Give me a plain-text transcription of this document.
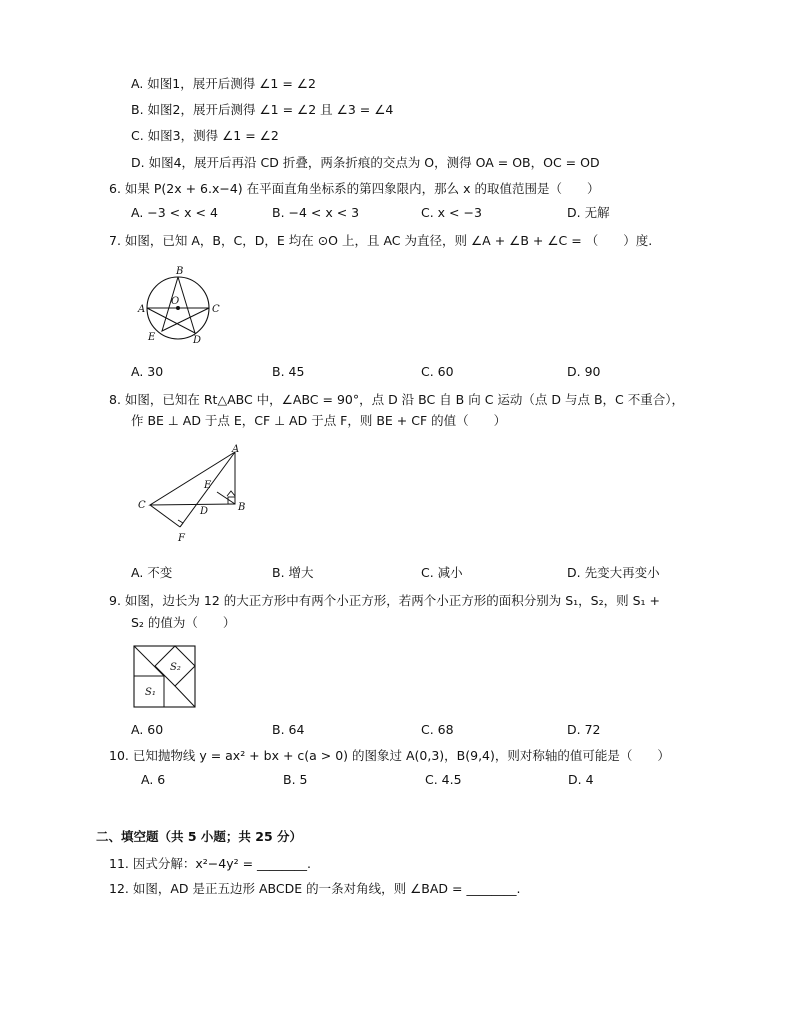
A. 如图1，展开后测得 ∠1 = ∠2
B. 如图2，展开后测得 ∠1 = ∠2 且 ∠3 = ∠4
C. 如图3，测得 ∠1 = ∠2
D. 如图4，展开后再沿 CD 折叠，两条折痕的交点为 O，测得 OA = OB，OC = OD
6. 如果 P(2x + 6.x−4) 在平面直角坐标系的第四象限内，那么 x 的取值范围是（　　）
A. −3 < x < 4	B. −4 < x < 3	C. x < −3	D. 无解
7. 如图，已知 A，B，C，D，E 均在 ⊙O 上，且 AC 为直径，则 ∠A + ∠B + ∠C = （　　）度.
B
O
A	C
E	D
A. 30	B. 45	C. 60	D. 90
8. 如图，已知在 Rt△ABC 中，∠ABC = 90°，点 D 沿 BC 自 B 向 C 运动（点 D 与点 B，C 不重合），
作 BE ⊥ AD 于点 E，CF ⊥ AD 于点 F，则 BE + CF 的值（　　）
A
E
B
C
D
F
A. 不变	B. 增大	C. 减小	D. 先变大再变小
9. 如图，边长为 12 的大正方形中有两个小正方形，若两个小正方形的面积分别为 S₁，S₂，则 S₁ +
S₂ 的值为（　　）
S₂
S₁
A. 60	B. 64	C. 68	D. 72
10. 已知抛物线 y = ax² + bx + c(a > 0) 的图象过 A(0,3)，B(9,4)，则对称轴的值可能是（　　）
A. 6	B. 5	C. 4.5	D. 4
二、填空题（共 5 小题；共 25 分）
11. 因式分解：x²−4y² = ________.
12. 如图，AD 是正五边形 ABCDE 的一条对角线，则 ∠BAD = ________.
